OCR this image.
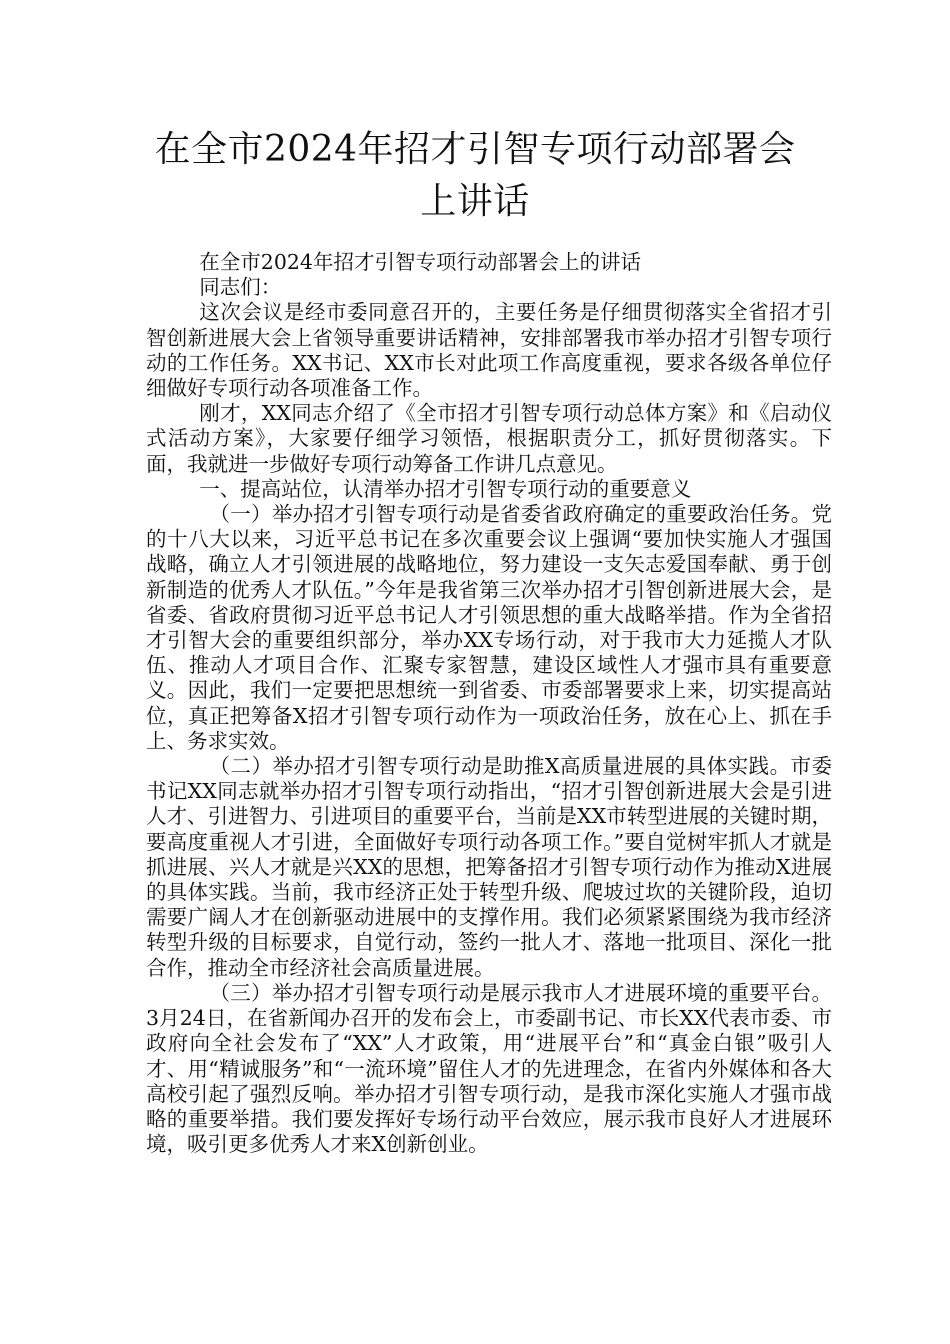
在全市2024年招才引智专项行动部署会上讲话

在全市2024年招才引智专项行动部署会上的讲话

同志们：

这次会议是经市委同意召开的，主要任务是仔细贯彻落实全省招才引智创新进展大会上省领导重要讲话精神，安排部署我市举办招才引智专项行动的工作任务。XX书记、XX市长对此项工作高度重视，要求各级各单位仔细做好专项行动各项准备工作。

刚才，XX同志介绍了《全市招才引智专项行动总体方案》和《启动仪式活动方案》，大家要仔细学习领悟，根据职责分工，抓好贯彻落实。下面，我就进一步做好专项行动筹备工作讲几点意见。

一、提高站位，认清举办招才引智专项行动的重要意义

（一）举办招才引智专项行动是省委省政府确定的重要政治任务。党的十八大以来，习近平总书记在多次重要会议上强调“要加快实施人才强国战略，确立人才引领进展的战略地位，努力建设一支矢志爱国奉献、勇于创新制造的优秀人才队伍。”今年是我省第三次举办招才引智创新进展大会，是省委、省政府贯彻习近平总书记人才引领思想的重大战略举措。作为全省招才引智大会的重要组织部分，举办XX专场行动，对于我市大力延揽人才队伍、推动人才项目合作、汇聚专家智慧，建设区域性人才强市具有重要意义。因此，我们一定要把思想统一到省委、市委部署要求上来，切实提高站位，真正把筹备X招才引智专项行动作为一项政治任务，放在心上、抓在手上、务求实效。

（二）举办招才引智专项行动是助推X高质量进展的具体实践。市委书记XX同志就举办招才引智专项行动指出，“招才引智创新进展大会是引进人才、引进智力、引进项目的重要平台，当前是XX市转型进展的关键时期，要高度重视人才引进，全面做好专项行动各项工作。”要自觉树牢抓人才就是抓进展、兴人才就是兴XX的思想，把筹备招才引智专项行动作为推动X进展的具体实践。当前，我市经济正处于转型升级、爬坡过坎的关键阶段，迫切需要广阔人才在创新驱动进展中的支撑作用。我们必须紧紧围绕为我市经济转型升级的目标要求，自觉行动，签约一批人才、落地一批项目、深化一批合作，推动全市经济社会高质量进展。

（三）举办招才引智专项行动是展示我市人才进展环境的重要平台。3月24日，在省新闻办召开的发布会上，市委副书记、市长XX代表市委、市政府向全社会发布了“XX”人才政策，用“进展平台”和“真金白银”吸引人才、用“精诚服务”和“一流环境”留住人才的先进理念，在省内外媒体和各大高校引起了强烈反响。举办招才引智专项行动，是我市深化实施人才强市战略的重要举措。我们要发挥好专场行动平台效应，展示我市良好人才进展环境，吸引更多优秀人才来X创新创业。
